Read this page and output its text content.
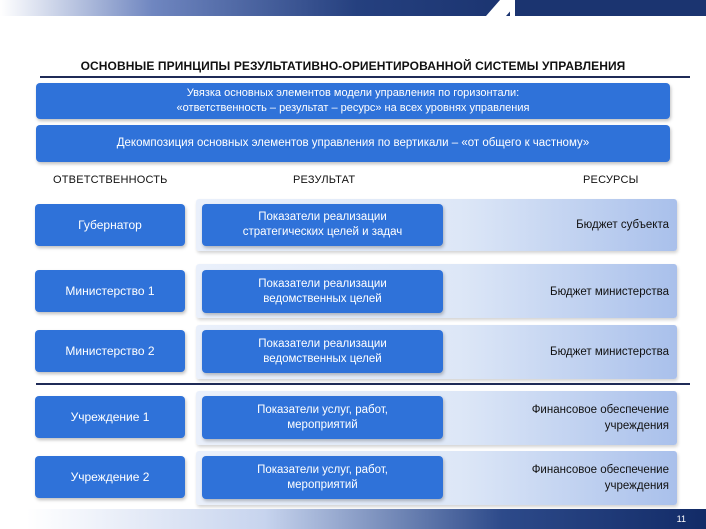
ОСНОВНЫЕ ПРИНЦИПЫ РЕЗУЛЬТАТИВНО-ОРИЕНТИРОВАННОЙ СИСТЕМЫ УПРАВЛЕНИЯ
Увязка основных элементов модели управления по горизонтали:
«ответственность – результат – ресурс» на всех уровнях управления
Декомпозиция основных элементов управления по вертикали – «от общего к частному»
ОТВЕТСТВЕННОСТЬ	РЕЗУЛЬТАТ	РЕСУРСЫ
Губернатор
Показатели реализации
стратегических целей и задач
Бюджет субъекта
Министерство 1
Показатели реализации
ведомственных целей
Бюджет министерства
Министерство 2
Показатели реализации
ведомственных целей
Бюджет министерства
Учреждение 1
Показатели услуг, работ,
мероприятий
Финансовое обеспечение
учреждения
Учреждение 2
Показатели услуг, работ,
мероприятий
Финансовое обеспечение
учреждения
11
